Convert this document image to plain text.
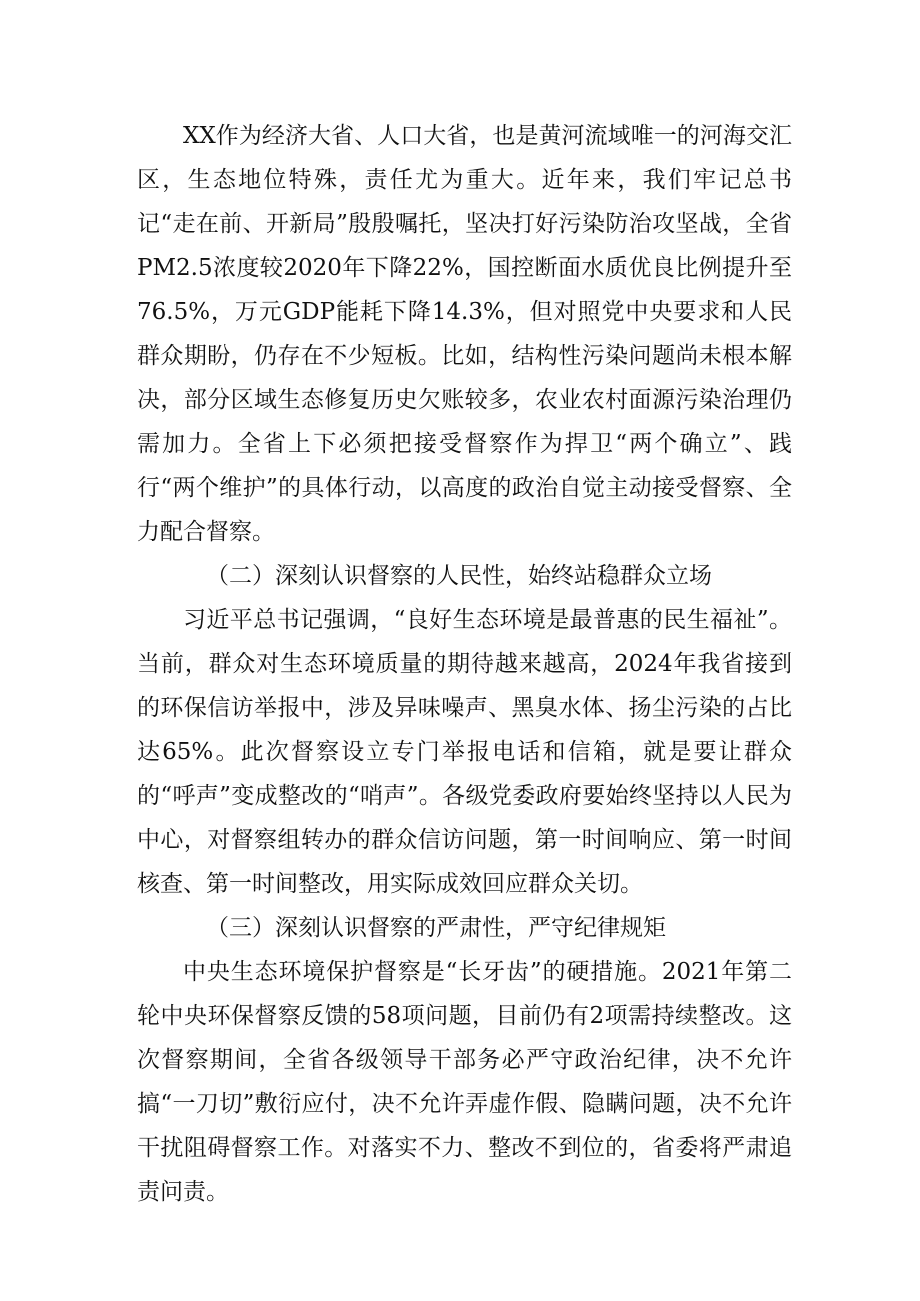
XX作为经济大省、人口大省，也是黄河流域唯一的河海交汇区，生态地位特殊，责任尤为重大。近年来，我们牢记总书记“走在前、开新局”殷殷嘱托，坚决打好污染防治攻坚战，全省PM2.5浓度较2020年下降22%，国控断面水质优良比例提升至76.5%，万元GDP能耗下降14.3%，但对照党中央要求和人民群众期盼，仍存在不少短板。比如，结构性污染问题尚未根本解决，部分区域生态修复历史欠账较多，农业农村面源污染治理仍需加力。全省上下必须把接受督察作为捍卫“两个确立”、践行“两个维护”的具体行动，以高度的政治自觉主动接受督察、全力配合督察。

（二）深刻认识督察的人民性，始终站稳群众立场

习近平总书记强调，“良好生态环境是最普惠的民生福祉”。当前，群众对生态环境质量的期待越来越高，2024年我省接到的环保信访举报中，涉及异味噪声、黑臭水体、扬尘污染的占比达65%。此次督察设立专门举报电话和信箱，就是要让群众的“呼声”变成整改的“哨声”。各级党委政府要始终坚持以人民为中心，对督察组转办的群众信访问题，第一时间响应、第一时间核查、第一时间整改，用实际成效回应群众关切。

（三）深刻认识督察的严肃性，严守纪律规矩

中央生态环境保护督察是“长牙齿”的硬措施。2021年第二轮中央环保督察反馈的58项问题，目前仍有2项需持续整改。这次督察期间，全省各级领导干部务必严守政治纪律，决不允许搞“一刀切”敷衍应付，决不允许弄虚作假、隐瞒问题，决不允许干扰阻碍督察工作。对落实不力、整改不到位的，省委将严肃追责问责。
